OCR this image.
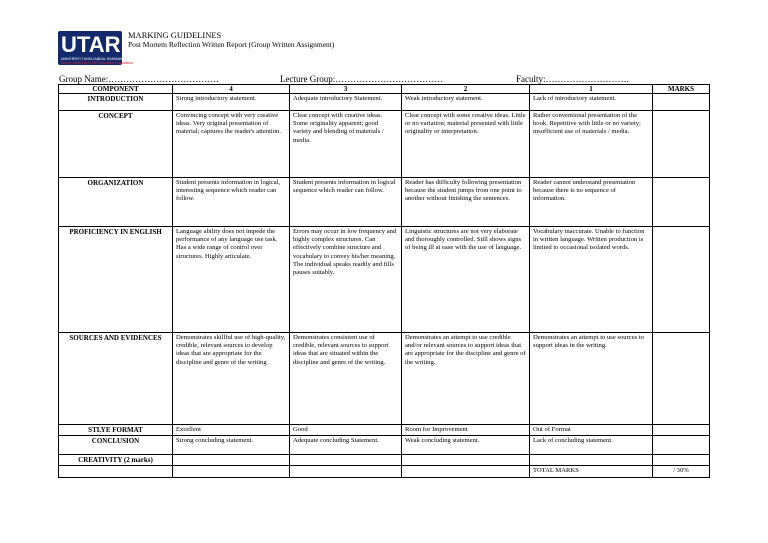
UTAR
UNIVERSITI TUNKU ABDUL RAHMAN
Wholly owned by UTAR Education Foundation
MARKING GUIDELINES
Post Mortem Reflection Written Report (Group Written Assignment)
Group Name:……………………………….	Lecture Group:………………………………	Faculty:……………………….
COMPONENT	4	3	2	1	MARKS
INTRODUCTION	Strong introductory statement.	Adequate introductory Statement.	Weak introductory statement.	Lack of introductory statement.	
CONCEPT	Convincing concept with very creative ideas. Very original presentation of material; captures the reader's attention.	Clear concept with creative ideas. Some originality apparent; good variety and blending of materials / media.	Clear concept with some creative ideas. Little or no variation; material presented with little originality or interpretation.	Rather conventional presentation of the book. Repetitive with little or no variety; insufficient use of materials / media.	
ORGANIZATION	Student presents information in logical, interesting sequence which reader can follow.	Student presents information in logical sequence which reader can follow.	Reader has difficulty following presentation because the student jumps from one point to another without finishing the sentences.	Reader cannot understand presentation because there is no sequence of information.	
PROFICIENCY IN ENGLISH	Language ability does not impede the performance of any language use task. Has a wide range of control over structures. Highly articulate.	Errors may occur in low frequency and highly complex structures. Can effectively combine structure and vocabulary to convey his/her meaning. The individual speaks readily and fills pauses suitably.	Linguistic structures are not very elaborate and thoroughly controlled. Still shows signs of being ill at ease with the use of language.	Vocabulary inaccurate. Unable to function in written language. Written production is limited to occasional isolated words.	
SOURCES AND EVIDENCES	Demonstrates skillful use of high-quality, credible, relevant sources to develop ideas that are appropriate for the discipline and genre of the writing	Demonstrates consistent use of credible, relevant sources to support ideas that are situated within the discipline and genre of the writing.	Demonstrates an attempt to use credible and/or relevant sources to support ideas that are appropriate for the discipline and genre of the writing.	Demonstrates an attempt to use sources to support ideas in the writing.	
STLYE FORMAT	Excellent	Good	Room for Improvement	Out of Format	
CONCLUSION	Strong concluding statement.	Adequate concluding Statement.	Weak concluding statement.	Lack of concluding statement.	
CREATIVITY (2 marks)					
				TOTAL MARKS	/ 30%
